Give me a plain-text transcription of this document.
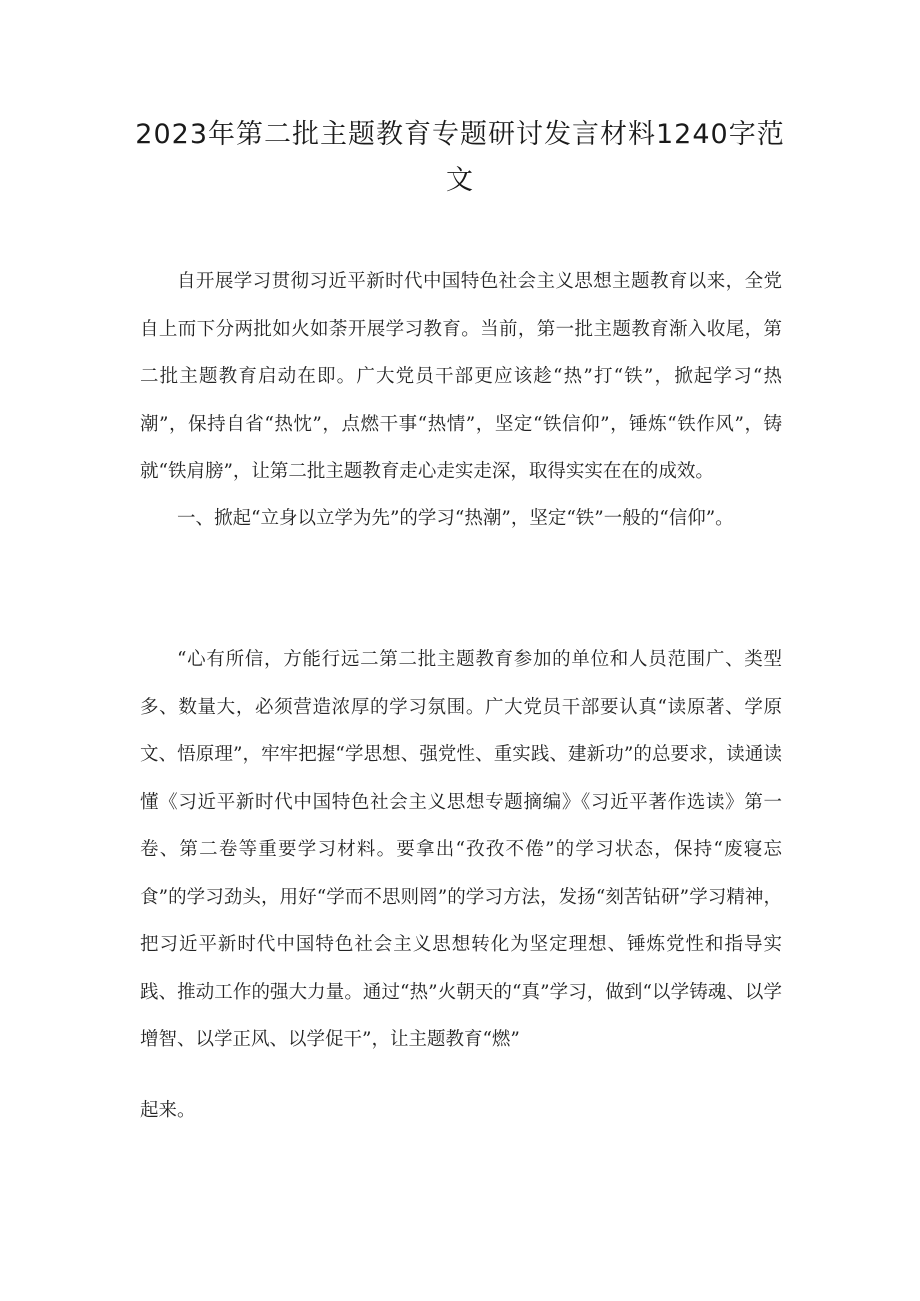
2023年第二批主题教育专题研讨发言材料1240字范文

自开展学习贯彻习近平新时代中国特色社会主义思想主题教育以来，全党自上而下分两批如火如荼开展学习教育。当前，第一批主题教育渐入收尾，第二批主题教育启动在即。广大党员干部更应该趁“热”打“铁”，掀起学习“热潮”，保持自省“热忱”，点燃干事“热情”，坚定“铁信仰”，锤炼“铁作风”，铸就“铁肩膀”，让第二批主题教育走心走实走深，取得实实在在的成效。

一、掀起“立身以立学为先”的学习“热潮”，坚定“铁”一般的“信仰”。

“心有所信，方能行远二第二批主题教育参加的单位和人员范围广、类型多、数量大，必须营造浓厚的学习氛围。广大党员干部要认真“读原著、学原文、悟原理”，牢牢把握“学思想、强党性、重实践、建新功”的总要求，读通读懂《习近平新时代中国特色社会主义思想专题摘编》《习近平著作选读》第一卷、第二卷等重要学习材料。要拿出“孜孜不倦”的学习状态，保持“废寝忘食”的学习劲头，用好“学而不思则罔”的学习方法，发扬“刻苦钻研”学习精神，把习近平新时代中国特色社会主义思想转化为坚定理想、锤炼党性和指导实践、推动工作的强大力量。通过“热”火朝天的“真”学习，做到“以学铸魂、以学增智、以学正风、以学促干”，让主题教育“燃”

起来。
